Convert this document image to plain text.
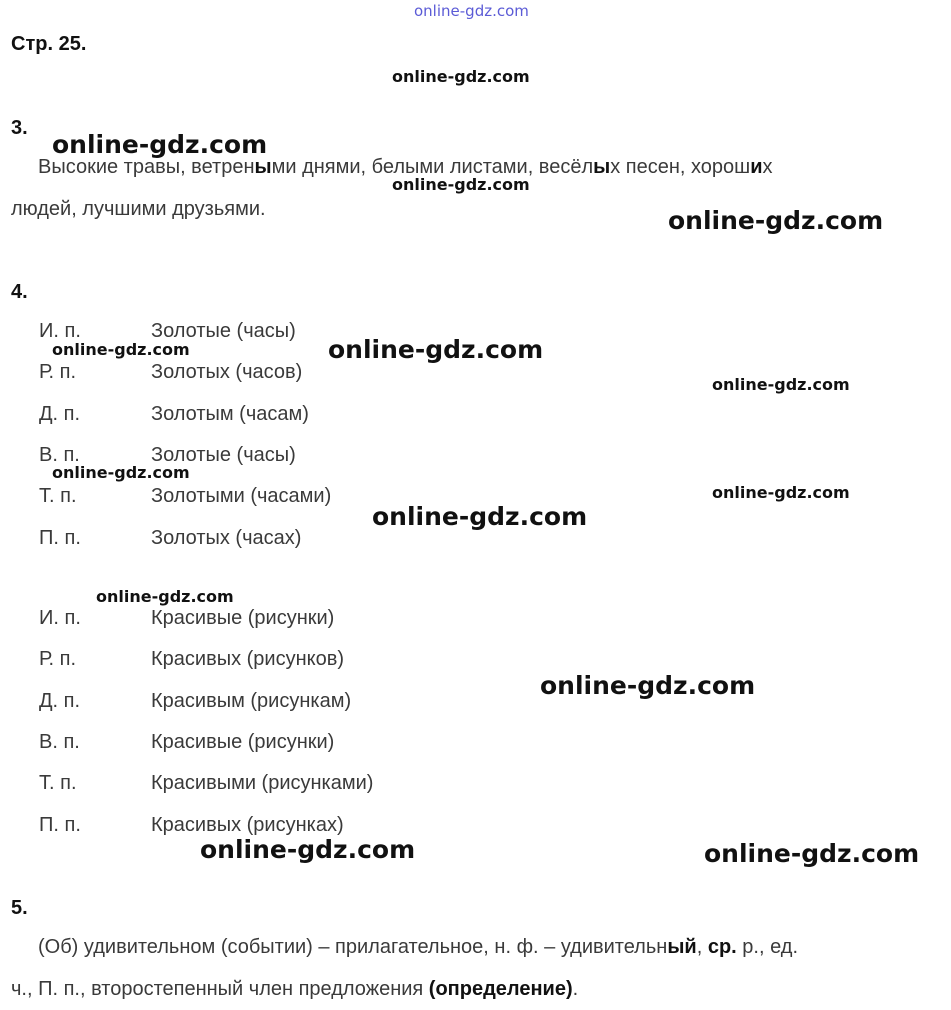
online-gdz.com
Стр. 25.
3.
Высокие травы, ветреными днями, белыми листами, весёлых песен, хороших
людей, лучшими друзьями.
4.
И. п.	Золотые (часы)
Р. п.	Золотых (часов)
Д. п.	Золотым (часам)
В. п.	Золотые (часы)
Т. п.	Золотыми (часами)
П. п.	Золотых (часах)
И. п.	Красивые (рисунки)
Р. п.	Красивых (рисунков)
Д. п.	Красивым (рисункам)
В. п.	Красивые (рисунки)
Т. п.	Красивыми (рисунками)
П. п.	Красивых (рисунках)
5.
(Об) удивительном (событии) – прилагательное, н. ф. – удивительный, ср. р., ед.
ч., П. п., второстепенный член предложения (определение).
online-gdz.com
online-gdz.com
online-gdz.com
online-gdz.com
online-gdz.com	online-gdz.com
online-gdz.com
online-gdz.com
online-gdz.com
online-gdz.com
online-gdz.com
online-gdz.com
online-gdz.com	online-gdz.com
